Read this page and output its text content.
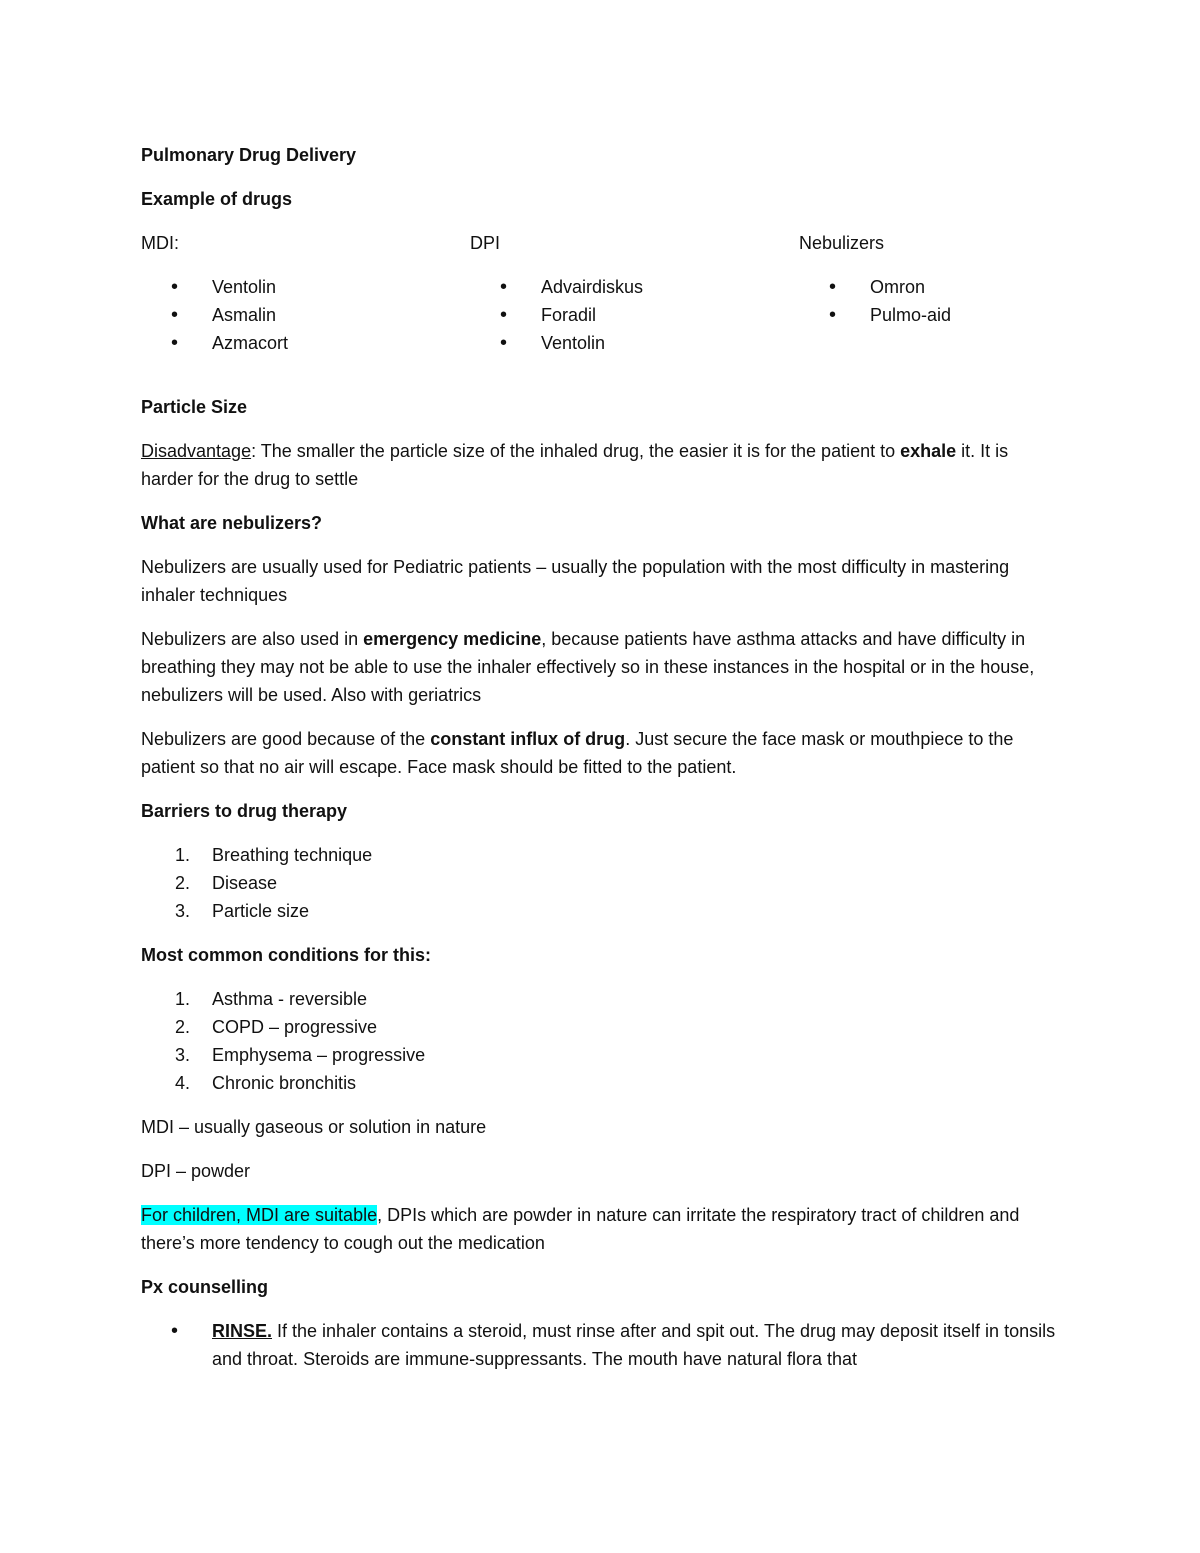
Pulmonary Drug Delivery

Example of drugs

MDI:

• Ventolin
• Asmalin
• Azmacort

DPI

• Advairdiskus
• Foradil
• Ventolin

Nebulizers

• Omron
• Pulmo-aid

Particle Size

Disadvantage: The smaller the particle size of the inhaled drug, the easier it is for the patient to exhale it. It is harder for the drug to settle

What are nebulizers?

Nebulizers are usually used for Pediatric patients – usually the population with the most difficulty in mastering inhaler techniques

Nebulizers are also used in emergency medicine, because patients have asthma attacks and have difficulty in breathing they may not be able to use the inhaler effectively so in these instances in the hospital or in the house, nebulizers will be used. Also with geriatrics

Nebulizers are good because of the constant influx of drug. Just secure the face mask or mouthpiece to the patient so that no air will escape. Face mask should be fitted to the patient.

Barriers to drug therapy

1. Breathing technique
2. Disease
3. Particle size

Most common conditions for this:

1. Asthma - reversible
2. COPD – progressive
3. Emphysema – progressive
4. Chronic bronchitis

MDI – usually gaseous or solution in nature

DPI – powder

For children, MDI are suitable, DPIs which are powder in nature can irritate the respiratory tract of children and there’s more tendency to cough out the medication

Px counselling

• RINSE. If the inhaler contains a steroid, must rinse after and spit out. The drug may deposit itself in tonsils and throat. Steroids are immune-suppressants. The mouth have natural flora that
